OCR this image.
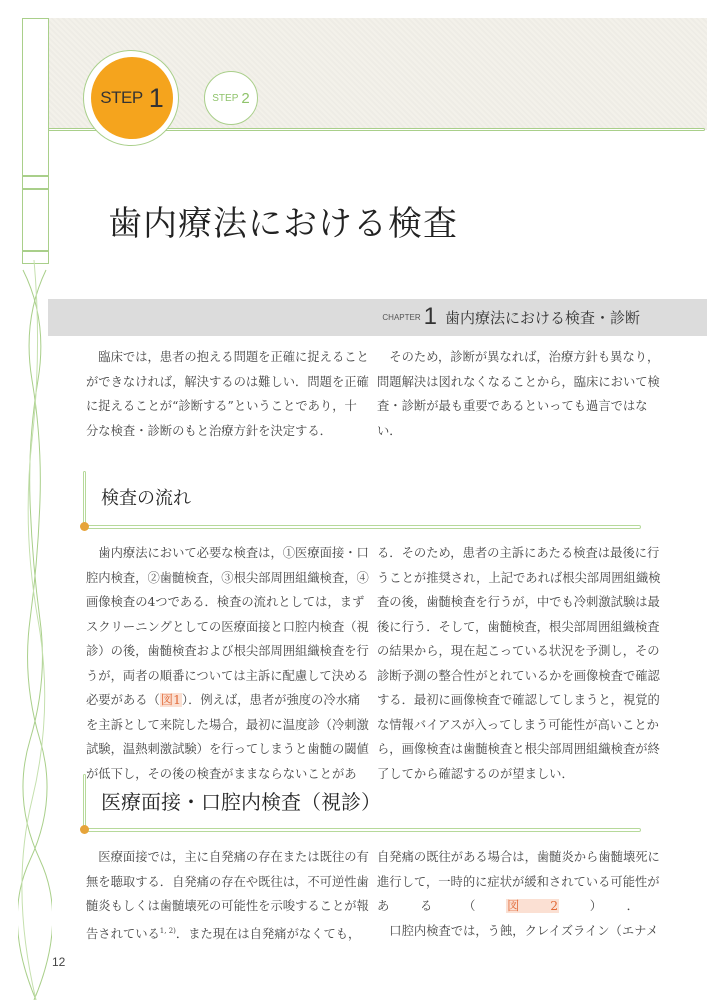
STEP 1	STEP 2
歯内療法における検査
CHAPTER 1 歯内療法における検査・診断
　臨床では，患者の抱える問題を正確に捉えること
ができなければ，解決するのは難しい．問題を正確
に捉えることが“診断する”ということであり，十
分な検査・診断のもと治療方針を決定する．
　そのため，診断が異なれば，治療方針も異なり，
問題解決は図れなくなることから，臨床において検
査・診断が最も重要であるといっても過言ではな
い．
検査の流れ
　歯内療法において必要な検査は，①医療面接・口
腔内検査，②歯髄検査，③根尖部周囲組織検査，④
画像検査の4つである．検査の流れとしては，まず
スクリーニングとしての医療面接と口腔内検査（視
診）の後，歯髄検査および根尖部周囲組織検査を行
うが，両者の順番については主訴に配慮して決める
必要がある（図1）．例えば，患者が強度の冷水痛
を主訴として来院した場合，最初に温度診（冷刺激
試験，温熱刺激試験）を行ってしまうと歯髄の閾値
が低下し，その後の検査がままならないことがあ
る．そのため，患者の主訴にあたる検査は最後に行
うことが推奨され，上記であれば根尖部周囲組織検
査の後，歯髄検査を行うが，中でも冷刺激試験は最
後に行う．そして，歯髄検査，根尖部周囲組織検査
の結果から，現在起こっている状況を予測し，その
診断予測の整合性がとれているかを画像検査で確認
する．最初に画像検査で確認してしまうと，視覚的
な情報バイアスが入ってしまう可能性が高いことか
ら，画像検査は歯髄検査と根尖部周囲組織検査が終
了してから確認するのが望ましい．
医療面接・口腔内検査（視診）
　医療面接では，主に自発痛の存在または既往の有
無を聴取する．自発痛の存在や既往は，不可逆性歯
髄炎もしくは歯髄壊死の可能性を示唆することが報
告されている$^{1, 2)}$．また現在は自発痛がなくても，
自発痛の既往がある場合は，歯髄炎から歯髄壊死に
進行して，一時的に症状が緩和されている可能性が
ある（図2）．
　口腔内検査では，う蝕，クレイズライン（エナメ
12
